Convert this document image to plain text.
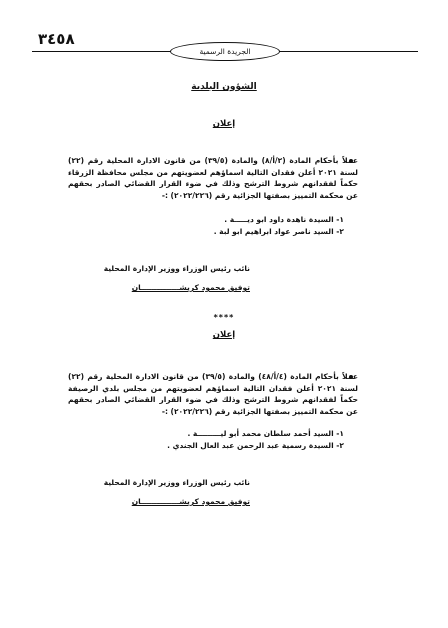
٣٤٥٨
الجريدة الرسمية
الشؤون البلدية
إعلان
عملاً بأحكام المادة (٢/أ/٨) والمادة (٣٩/٥) من قانون الادارة المحلية رقم (٢٢) لسنة ٢٠٢١ أعلن فقدان التالية اسماؤهم لعضويتهم من مجلس محافظة الزرقاء حكماً لفقدانهم شروط الترشح وذلك في ضوء القرار القضائي الصادر بحقهم عن محكمة التمييز بصفتها الجزائية رقم (٢٠٢٢/٢٢٦) :-
١- السيدة ناهدة داود ابو ديـــــة .
٢- السيد ناصر عواد ابراهيم ابو لبة .
نائب رئيس الوزراء ووزير الإدارة المحلية
توفيق محمود كريشـــــــــــــــان
****
إعلان
عملاً بأحكام المادة (٤/أ/٤٨) والمادة (٣٩/٥) من قانون الادارة المحلية رقم (٢٢) لسنة ٢٠٢١ أعلن فقدان التالية اسماؤهم لعضويتهم من مجلس بلدي الرصيفة حكماً لفقدانهم شروط الترشح وذلك في ضوء القرار القضائي الصادر بحقهم عن محكمة التمييز بصفتها الجزائية رقم (٢٠٢٢/٢٢٦) :-
١- السيد أحمد سلطان محمد أبو ليـــــــــة .
٢- السيدة رسمية عبد الرحمن عبد العال الجندي .
نائب رئيس الوزراء ووزير الإدارة المحلية
توفيق محمود كريشـــــــــــــــان
